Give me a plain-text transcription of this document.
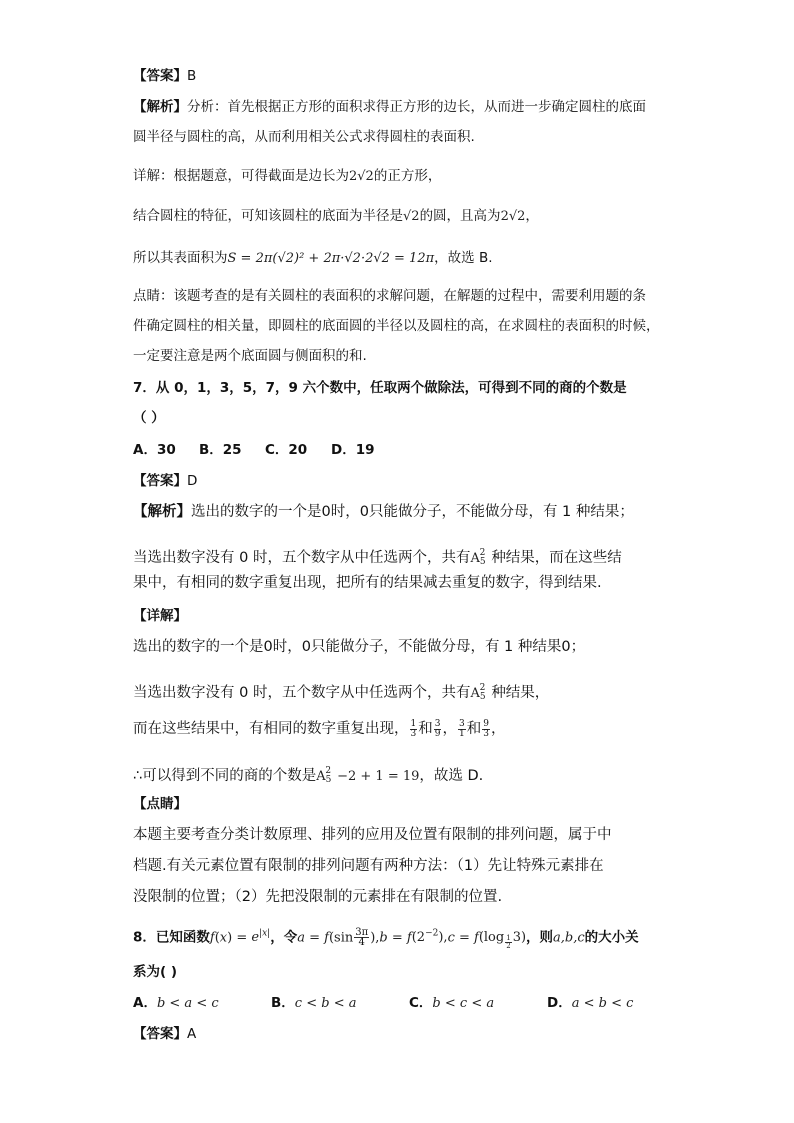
【答案】B
【解析】分析：首先根据正方形的面积求得正方形的边长，从而进一步确定圆柱的底面
圆半径与圆柱的高，从而利用相关公式求得圆柱的表面积.
详解：根据题意，可得截面是边长为2√2的正方形，
结合圆柱的特征，可知该圆柱的底面为半径是√2的圆，且高为2√2，
所以其表面积为S = 2π(√2)² + 2π·√2·2√2 = 12π，故选 B.
点睛：该题考查的是有关圆柱的表面积的求解问题，在解题的过程中，需要利用题的条
件确定圆柱的相关量，即圆柱的底面圆的半径以及圆柱的高，在求圆柱的表面积的时候，
一定要注意是两个底面圆与侧面积的和.
7．从 0，1，3，5，7，9 六个数中，任取两个做除法，可得到不同的商的个数是
（ ）
A．30 B．25 C．20 D．19
【答案】D
【解析】选出的数字的一个是0时，0只能做分子，不能做分母，有 1 种结果；
当选出数字没有 0 时，五个数字从中任选两个，共有$A_5^2$ 种结果，而在这些结
果中，有相同的数字重复出现，把所有的结果减去重复的数字，得到结果.
【详解】
选出的数字的一个是0时，0只能做分子，不能做分母，有 1 种结果0；
当选出数字没有 0 时，五个数字从中任选两个，共有$A_5^2$ 种结果，
而在这些结果中，有相同的数字重复出现， $\frac{1}{3}$ 和 $\frac{3}{9}$ ， $\frac{3}{1}$ 和 $\frac{9}{3}$ ，
∴可以得到不同的商的个数是$A_5^2 -2 + 1 = 19$，故选 D.
【点睛】
本题主要考查分类计数原理、排列的应用及位置有限制的排列问题，属于中
档题.有关元素位置有限制的排列问题有两种方法：（1）先让特殊元素排在
没限制的位置；（2）先把没限制的元素排在有限制的位置.
8．已知函数$f(x) = e^{|x|}$，令$a = f(\sin \frac{3\pi}{4} ),b = f(2^{-2}),c = f(\log$ $_{\frac{1}{2}}$ 3)，则a,b,c的大小关
系为( )
A．b < a < c	B．c < b < a	C．b < c < a	D．a < b < c
【答案】A
